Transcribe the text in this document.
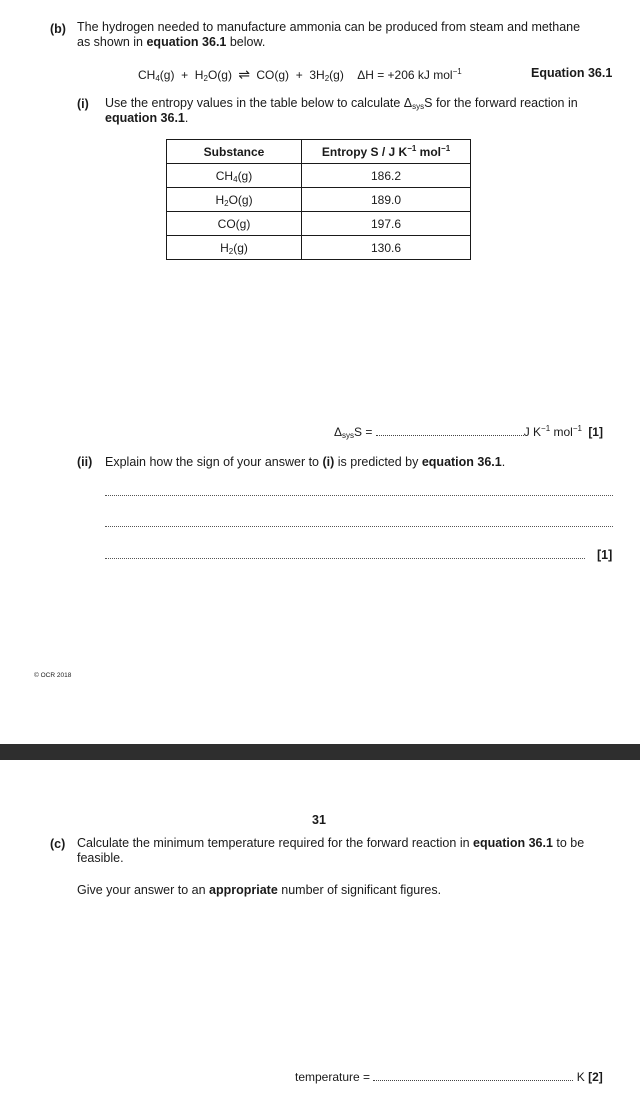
(b) The hydrogen needed to manufacture ammonia can be produced from steam and methane
as shown in equation 36.1 below.
$CH_4(g) + H_2O(g)$ ⇌ $CO(g) + 3H_2(g) \Delta H = +206$ kJ mol$^{-1}$	Equation 36.1
(i) Use the entropy values in the table below to calculate $\Delta_{sys}S$ for the forward reaction in
equation 36.1.
Substance	Entropy S / J $K^{-1}$ mol$^{-1}$
$CH_4(g)$	186.2
$H_2O(g)$	189.0
CO(g)	197.6
$H_2(g)$	130.6
$\Delta_{sys}S$ =	J $K^{-1}$ mol$^{-1}$ [1]
(ii) Explain how the sign of your answer to (i) is predicted by equation 36.1.
[1]
© OCR 2018
31
(c) Calculate the minimum temperature required for the forward reaction in equation 36.1 to be
feasible.
Give your answer to an appropriate number of significant figures.
temperature =	K [2]
